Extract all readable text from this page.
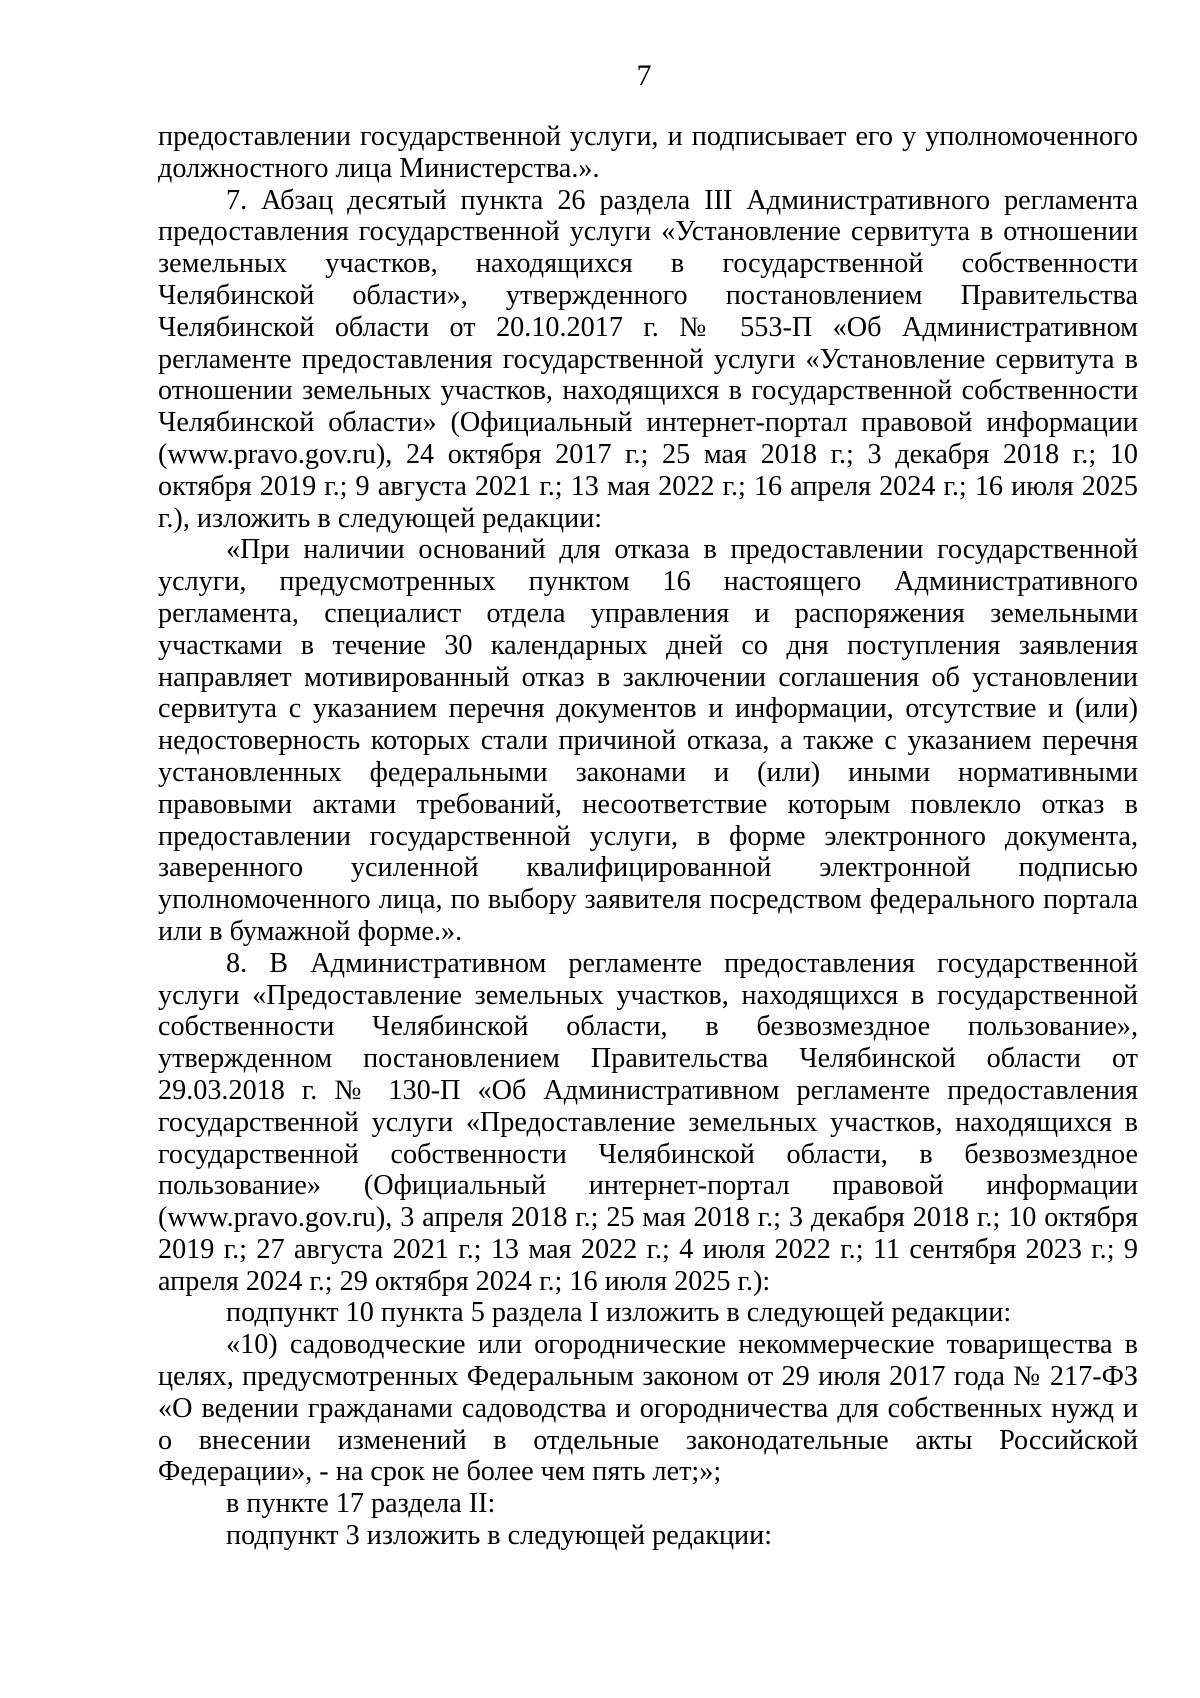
7

предоставлении государственной услуги, и подписывает его у уполномоченного должностного лица Министерства.».

7. Абзац десятый пункта 26 раздела III Административного регламента предоставления государственной услуги «Установление сервитута в отношении земельных участков, находящихся в государственной собственности Челябинской области», утвержденного постановлением Правительства Челябинской области от 20.10.2017 г. № 553-П «Об Административном регламенте предоставления государственной услуги «Установление сервитута в отношении земельных участков, находящихся в государственной собственности Челябинской области» (Официальный интернет-портал правовой информации (www.pravo.gov.ru), 24 октября 2017 г.; 25 мая 2018 г.; 3 декабря 2018 г.; 10 октября 2019 г.; 9 августа 2021 г.; 13 мая 2022 г.; 16 апреля 2024 г.; 16 июля 2025 г.), изложить в следующей редакции:

«При наличии оснований для отказа в предоставлении государственной услуги, предусмотренных пунктом 16 настоящего Административного регламента, специалист отдела управления и распоряжения земельными участками в течение 30 календарных дней со дня поступления заявления направляет мотивированный отказ в заключении соглашения об установлении сервитута с указанием перечня документов и информации, отсутствие и (или) недостоверность которых стали причиной отказа, а также с указанием перечня установленных федеральными законами и (или) иными нормативными правовыми актами требований, несоответствие которым повлекло отказ в предоставлении государственной услуги, в форме электронного документа, заверенного усиленной квалифицированной электронной подписью уполномоченного лица, по выбору заявителя посредством федерального портала или в бумажной форме.».

8. В Административном регламенте предоставления государственной услуги «Предоставление земельных участков, находящихся в государственной собственности Челябинской области, в безвозмездное пользование», утвержденном постановлением Правительства Челябинской области от 29.03.2018 г. № 130-П «Об Административном регламенте предоставления государственной услуги «Предоставление земельных участков, находящихся в государственной собственности Челябинской области, в безвозмездное пользование» (Официальный интернет-портал правовой информации (www.pravo.gov.ru), 3 апреля 2018 г.; 25 мая 2018 г.; 3 декабря 2018 г.; 10 октября 2019 г.; 27 августа 2021 г.; 13 мая 2022 г.; 4 июля 2022 г.; 11 сентября 2023 г.; 9 апреля 2024 г.; 29 октября 2024 г.; 16 июля 2025 г.):

подпункт 10 пункта 5 раздела I изложить в следующей редакции:

«10) садоводческие или огороднические некоммерческие товарищества в целях, предусмотренных Федеральным законом от 29 июля 2017 года № 217-ФЗ «О ведении гражданами садоводства и огородничества для собственных нужд и о внесении изменений в отдельные законодательные акты Российской Федерации», - на срок не более чем пять лет;»;

в пункте 17 раздела II:

подпункт 3 изложить в следующей редакции:
